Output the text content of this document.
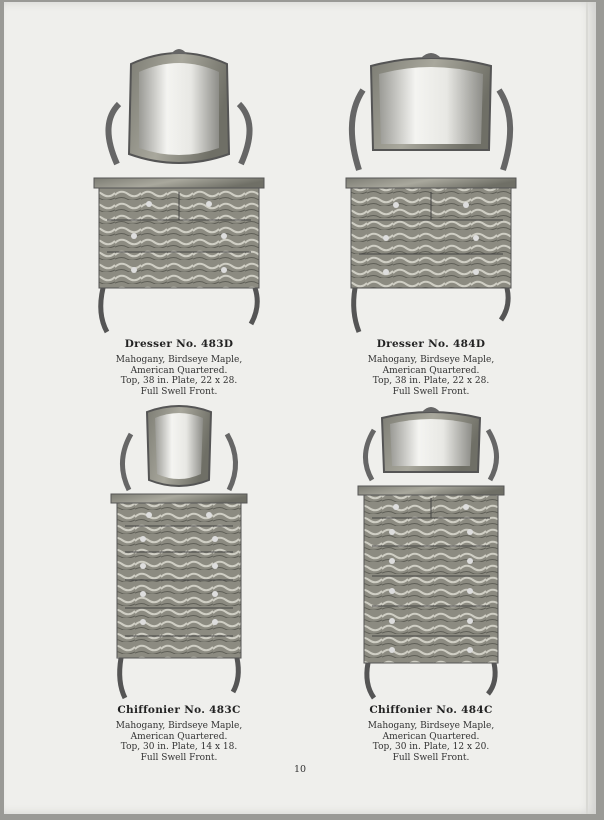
Dresser No. 483D
Mahogany, Birdseye Maple,
American Quartered.
Top, 38 in. Plate, 22 x 28.
Full Swell Front.
Dresser No. 484D
Mahogany, Birdseye Maple,
American Quartered.
Top, 38 in. Plate, 22 x 28.
Full Swell Front.
Chiffonier No. 483C
Mahogany, Birdseye Maple,
American Quartered.
Top, 30 in. Plate, 14 x 18.
Full Swell Front.
Chiffonier No. 484C
Mahogany, Birdseye Maple,
American Quartered.
Top, 30 in. Plate, 12 x 20.
Full Swell Front.
10
